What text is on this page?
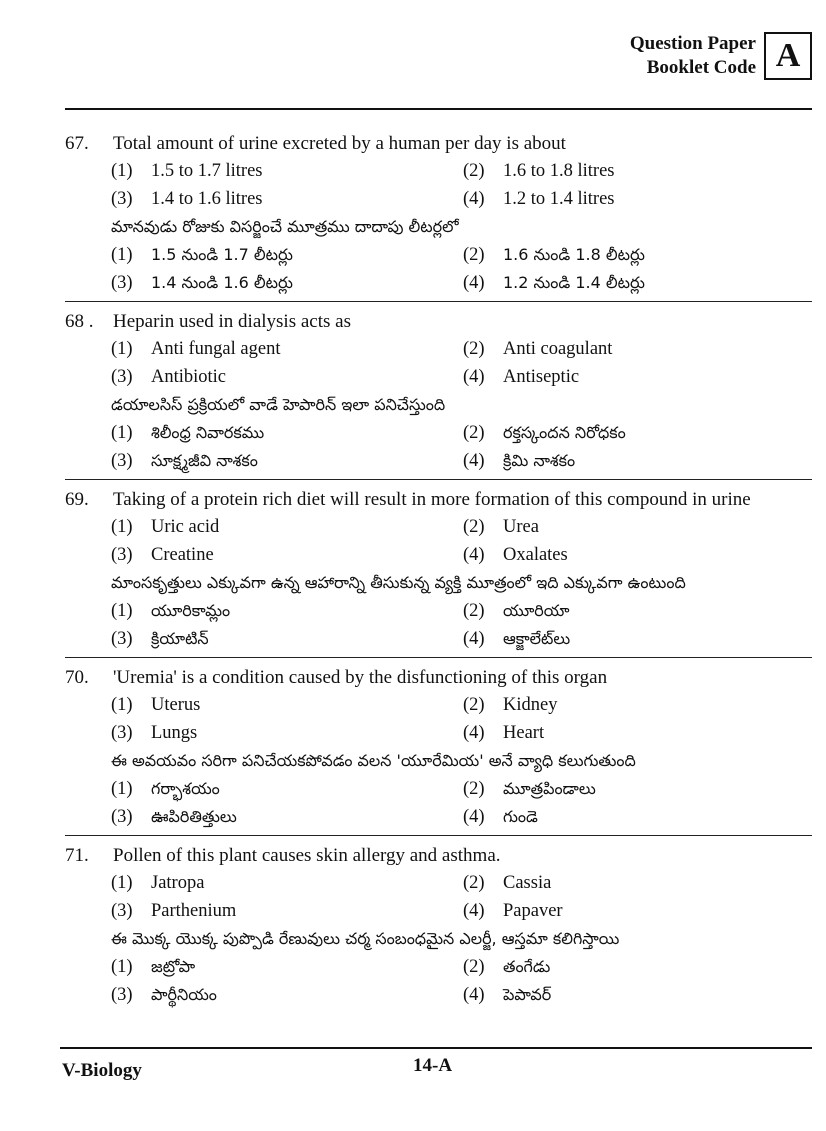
Question Paper
Booklet Code A
67.	Total amount of urine excreted by a human per day is about
(1) 1.5 to 1.7 litres	(2) 1.6 to 1.8 litres
(3) 1.4 to 1.6 litres	(4) 1.2 to 1.4 litres
మానవుడు రోజుకు విసర్జించే మూత్రము దాదాపు లీటర్లలో
(1)	1.5 నుండి 1.7 లీటర్లు	(2)	1.6 నుండి 1.8 లీటర్లు
(3)	1.4 నుండి 1.6 లీటర్లు	(4)	1.2 నుండి 1.4 లీటర్లు
68 .	Heparin used in dialysis acts as
(1) Anti fungal agent	(2) Anti coagulant
(3) Antibiotic	(4) Antiseptic
డయాలసిస్ ప్రక్రియలో వాడే హెపారిన్ ఇలా పనిచేస్తుంది
(1)	శిలీంధ్ర నివారకము	(2)	రక్తస్కందన నిరోధకం
(3)	సూక్ష్మజీవి నాశకం	(4)	క్రిమి నాశకం
69.	Taking of a protein rich diet will result in more formation of this compound in urine
(1) Uric acid	(2) Urea
(3) Creatine	(4) Oxalates
మాంసకృత్తులు ఎక్కువగా ఉన్న ఆహారాన్ని తీసుకున్న వ్యక్తి మూత్రంలో ఇది ఎక్కువగా ఉంటుంది
(1)	యూరికామ్లం	(2)	యూరియా
(3)	క్రియాటిన్	(4)	ఆక్జాలేట్‌లు
70.	'Uremia' is a condition caused by the disfunctioning of this organ
(1) Uterus	(2) Kidney
(3) Lungs	(4) Heart
ఈ అవయవం సరిగా పనిచేయకపోవడం వలన 'యూరేమియ' అనే వ్యాధి కలుగుతుంది
(1)	గర్భాశయం	(2)	మూత్రపిండాలు
(3)	ఊపిరితిత్తులు	(4)	గుండె
71.	Pollen of this plant causes skin allergy and asthma.
(1) Jatropa	(2) Cassia
(3) Parthenium	(4) Papaver
ఈ మొక్క యొక్క పుప్పొడి రేణువులు చర్మ సంబంధమైన ఎలర్జీ, ఆస్తమా కలిగిస్తాయి
(1)	జట్రోపా	(2)	తంగేడు
(3)	పార్థీనియం	(4)	పెపావర్
V-Biology	14-A
